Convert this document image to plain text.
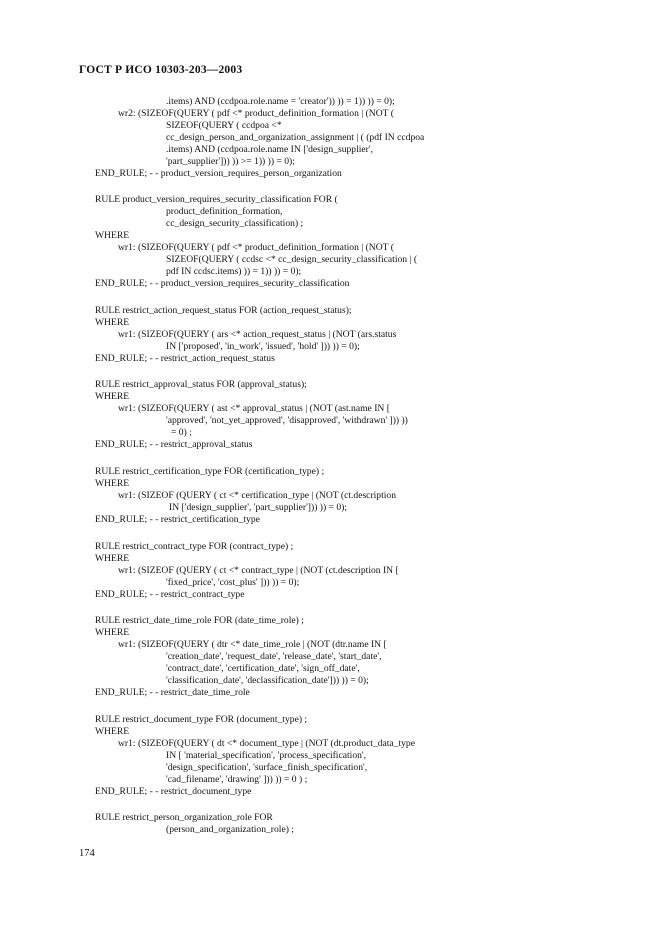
ГОСТ Р ИСО 10303-203—2003
.items) AND (ccdpoa.role.name = 'creator')) )) = 1)) )) = 0);
wr2: (SIZEOF(QUERY ( pdf <* product_definition_formation | (NOT (
SIZEOF(QUERY ( ccdpoa <*
cc_design_person_and_organization_assignment | ( (pdf IN ccdpoa
.items) AND (ccdpoa.role.name IN ['design_supplier',
'part_supplier'])) )) >= 1)) )) = 0);
END_RULE; - - product_version_requires_person_organization
RULE product_version_requires_security_classification FOR (
product_definition_formation,
cc_design_security_classification) ;
WHERE
wr1: (SIZEOF(QUERY ( pdf <* product_definition_formation | (NOT (
SIZEOF(QUERY ( ccdsc <* cc_design_security_classification | (
pdf IN ccdsc.items) )) = 1)) )) = 0);
END_RULE; - - product_version_requires_security_classification
RULE restrict_action_request_status FOR (action_request_status);
WHERE
wr1: (SIZEOF(QUERY ( ars <* action_request_status | (NOT (ars.status
IN ['proposed', 'in_work', 'issued', 'hold' ])) )) = 0);
END_RULE; - - restrict_action_request_status
RULE restrict_approval_status FOR (approval_status);
WHERE
wr1: (SIZEOF(QUERY ( ast <* approval_status | (NOT (ast.name IN [
'approved', 'not_yet_approved', 'disapproved', 'withdrawn' ])) ))
= 0) ;
END_RULE; - - restrict_approval_status
RULE restrict_certification_type FOR (certification_type) ;
WHERE
wr1: (SIZEOF (QUERY ( ct <* certification_type | (NOT (ct.description
IN ['design_supplier', 'part_supplier'])) )) = 0);
END_RULE; - - restrict_certification_type
RULE restrict_contract_type FOR (contract_type) ;
WHERE
wr1: (SIZEOF (QUERY ( ct <* contract_type | (NOT (ct.description IN [
'fixed_price', 'cost_plus' ])) )) = 0);
END_RULE; - - restrict_contract_type
RULE restrict_date_time_role FOR (date_time_role) ;
WHERE
wr1: (SIZEOF(QUERY ( dtr <* date_time_role | (NOT (dtr.name IN [
'creation_date', 'request_date', 'release_date', 'start_date',
'contract_date', 'certification_date', 'sign_off_date',
'classification_date', 'declassification_date'])) )) = 0);
END_RULE; - - restrict_date_time_role
RULE restrict_document_type FOR (document_type) ;
WHERE
wr1: (SIZEOF(QUERY ( dt <* document_type | (NOT (dt.product_data_type
IN [ 'material_specification', 'process_specification',
'design_specification', 'surface_finish_specification',
'cad_filename', 'drawing' ])) )) = 0 ) ;
END_RULE; - - restrict_document_type
RULE restrict_person_organization_role FOR
(person_and_organization_role) ;
174
